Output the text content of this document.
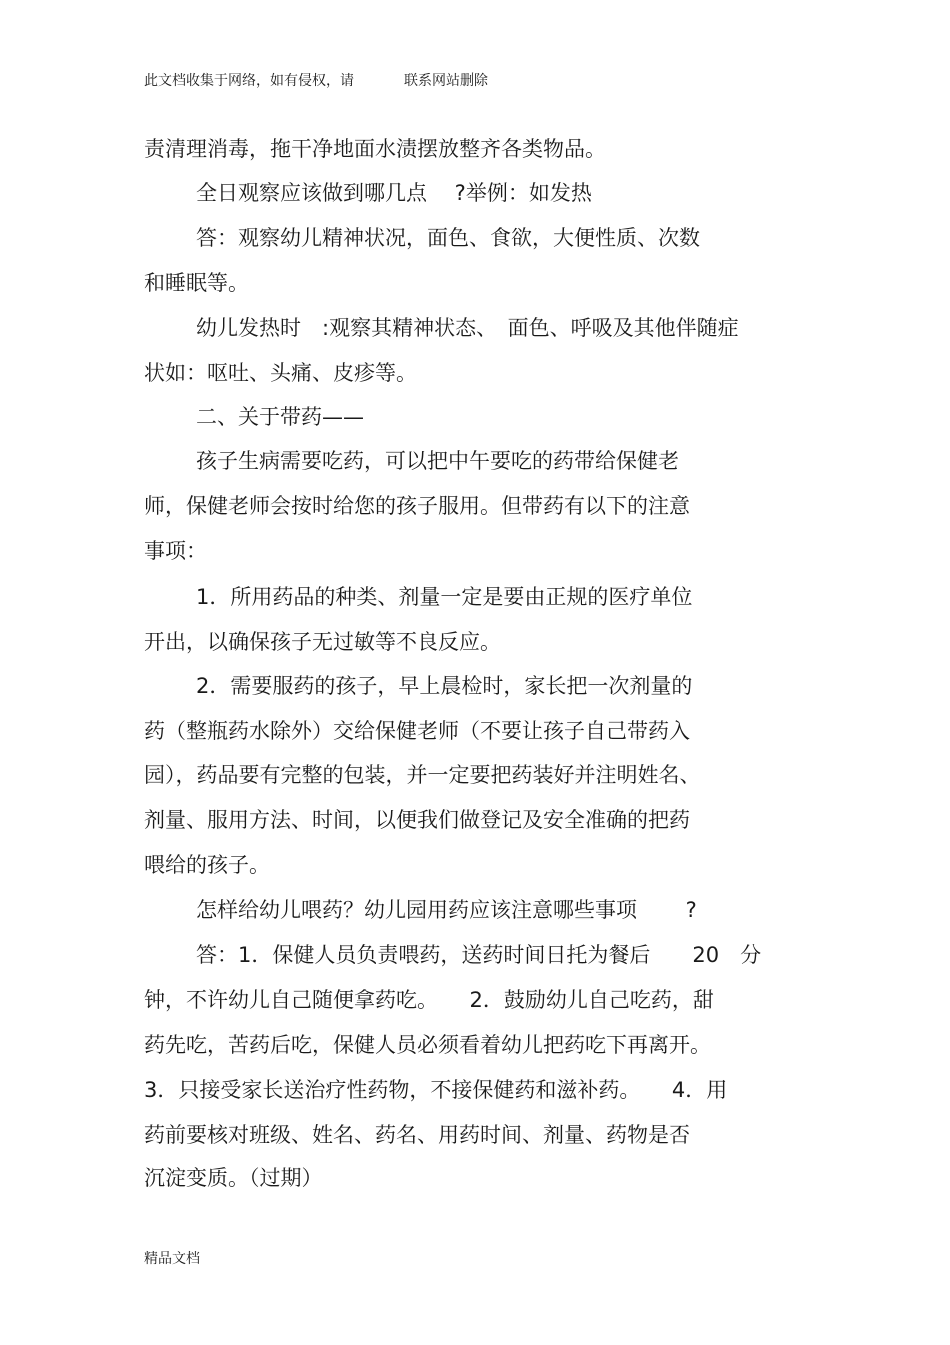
此文档收集于网络，如有侵权，请	联系网站删除
责清理消毒，拖干净地面水渍摆放整齐各类物品。
全日观察应该做到哪几点　 ?举例：如发热
答：观察幼儿精神状况，面色、食欲，大便性质、次数
和睡眠等。
幼儿发热时　:观察其精神状态、　面色、呼吸及其他伴随症
状如：呕吐、头痛、皮疹等。
二、关于带药——
孩子生病需要吃药，可以把中午要吃的药带给保健老
师，保健老师会按时给您的孩子服用。但带药有以下的注意
事项：
1．所用药品的种类、剂量一定是要由正规的医疗单位
开出，以确保孩子无过敏等不良反应。
2．需要服药的孩子，早上晨检时，家长把一次剂量的
药（整瓶药水除外）交给保健老师（不要让孩子自己带药入
园），药品要有完整的包装，并一定要把药装好并注明姓名、
剂量、服用方法、时间，以便我们做登记及安全准确的把药
喂给的孩子。
怎样给幼儿喂药？幼儿园用药应该注意哪些事项　　 ?
答：1．保健人员负责喂药，送药时间日托为餐后　　20　分
钟，不许幼儿自己随便拿药吃。　　2．鼓励幼儿自己吃药，甜
药先吃，苦药后吃，保健人员必须看着幼儿把药吃下再离开。
3．只接受家长送治疗性药物，不接保健药和滋补药。　　4．用
药前要核对班级、姓名、药名、用药时间、剂量、药物是否
沉淀变质。（过期）
精品文档
